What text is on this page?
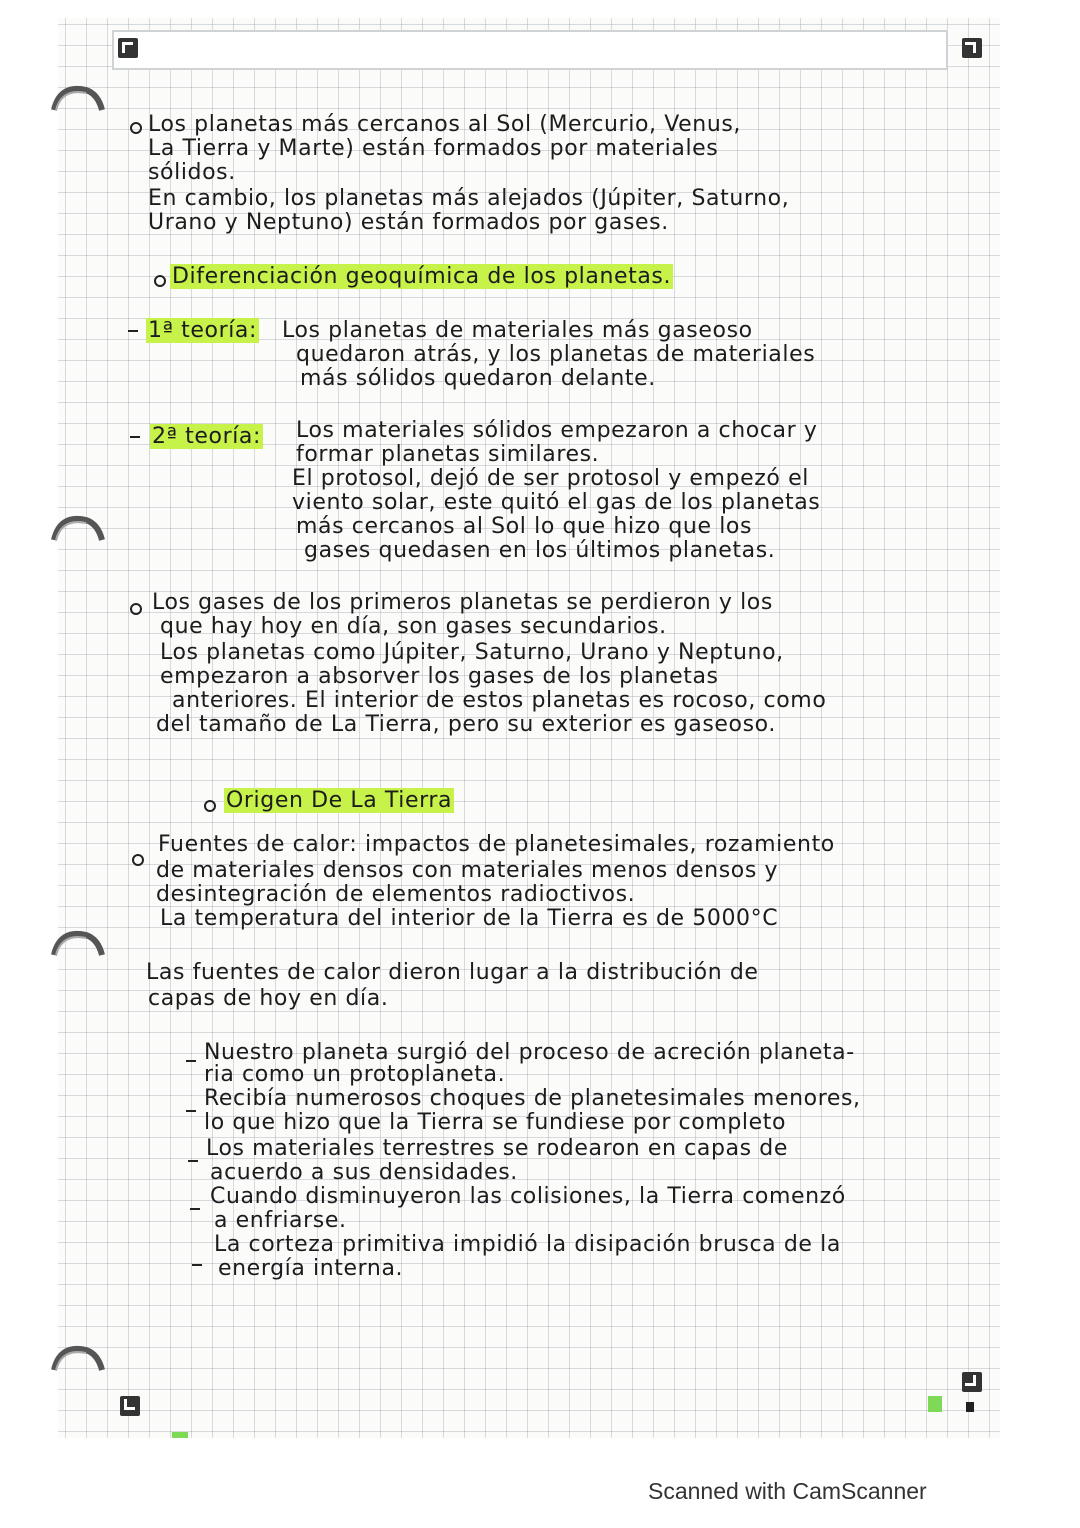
Los planetas más cercanos al Sol (Mercurio, Venus,
La Tierra y Marte) están formados por materiales
sólidos.
En cambio, los planetas más alejados (Júpiter, Saturno,
Urano y Neptuno) están formados por gases.
Diferenciación geoquímica de los planetas.
1ª teoría: Los planetas de materiales más gaseoso
quedaron atrás, y los planetas de materiales
más sólidos quedaron delante.
2ª teoría: Los materiales sólidos empezaron a chocar y
formar planetas similares.
El protosol, dejó de ser protosol y empezó el
viento solar, este quitó el gas de los planetas
más cercanos al Sol lo que hizo que los
gases quedasen en los últimos planetas.
Los gases de los primeros planetas se perdieron y los
que hay hoy en día, son gases secundarios.
Los planetas como Júpiter, Saturno, Urano y Neptuno,
empezaron a absorver los gases de los planetas
anteriores. El interior de estos planetas es rocoso, como
del tamaño de La Tierra, pero su exterior es gaseoso.
Origen De La Tierra
Fuentes de calor: impactos de planetesimales, rozamiento
de materiales densos con materiales menos densos y
desintegración de elementos radioctivos.
La temperatura del interior de la Tierra es de 5000°C
Las fuentes de calor dieron lugar a la distribución de
capas de hoy en día.
Nuestro planeta surgió del proceso de acreción planeta-
ria como un protoplaneta.
Recibía numerosos choques de planetesimales menores,
lo que hizo que la Tierra se fundiese por completo
Los materiales terrestres se rodearon en capas de
acuerdo a sus densidades.
Cuando disminuyeron las colisiones, la Tierra comenzó
a enfriarse.
La corteza primitiva impidió la disipación brusca de la
energía interna.
Scanned with CamScanner
